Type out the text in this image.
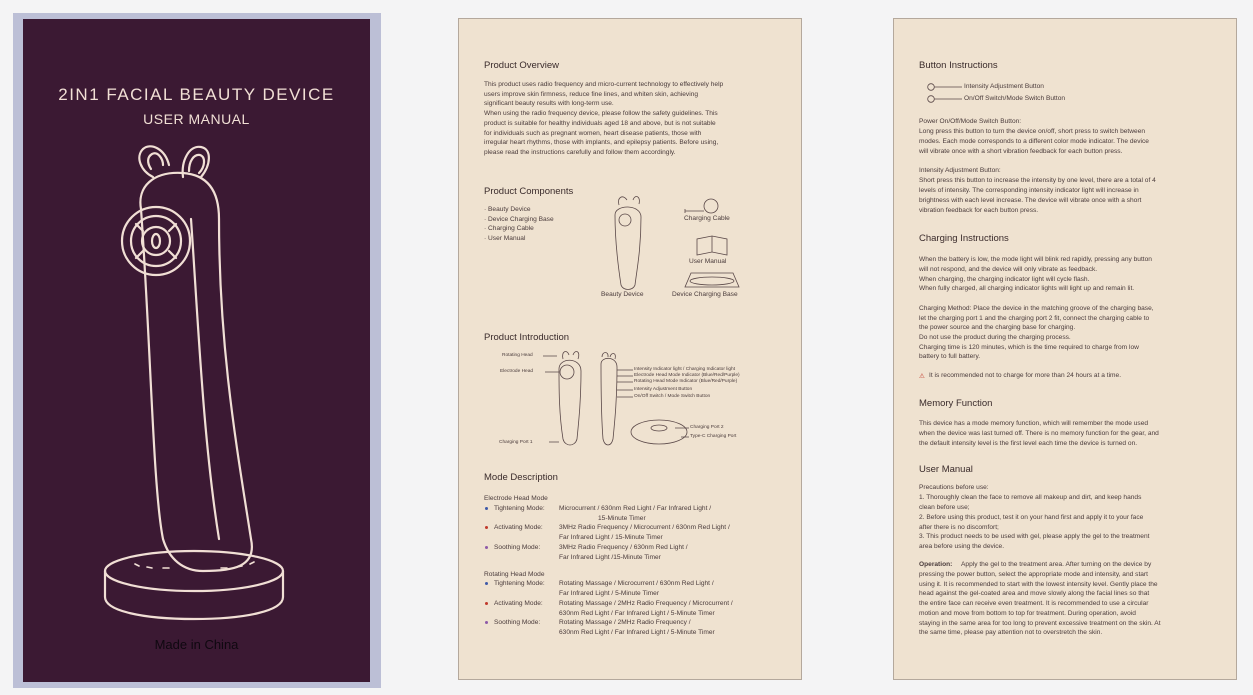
2IN1 FACIAL BEAUTY DEVICE
USER MANUAL
Made in China
Product Overview
This product uses radio frequency and micro-current technology to effectively help
users improve skin firmness, reduce fine lines, and whiten skin, achieving
significant beauty results with long-term use.
When using the radio frequency device, please follow the safety guidelines. This
product is suitable for healthy individuals aged 18 and above, but is not suitable
for individuals such as pregnant women, heart disease patients, those with
irregular heart rhythms, those with implants, and epilepsy patients. Before using,
please read the instructions carefully and follow them accordingly.
Product Components
· Beauty Device
· Device Charging Base
· Charging Cable
· User Manual
Beauty Device
Charging Cable
User Manual
Device Charging Base
Product Introduction
Rotating Head
Electrode Head
Charging Port 1
Intensity Indicator light / Charging Indicator light
Electrode Head Mode Indicator (Blue/Red/Purple)
Rotating Head Mode Indicator (Blue/Red/Purple)
Intensity Adjustment Button
On/Off Switch / Mode Switch Button
Charging Port 2
Type-C Charging Port
Mode Description
Electrode Head Mode
Tightening Mode: Microcurrent / 630nm Red Light / Far Infrared Light /
15-Minute Timer
Activating Mode: 3MHz Radio Frequency / Microcurrent / 630nm Red Light /
Far Infrared Light / 15-Minute Timer
Soothing Mode:	3MHz Radio Frequency / 630nm Red Light /
Far Infrared Light /15-Minute Timer
Rotating Head Mode
Tightening Mode: Rotating Massage / Microcurrent / 630nm Red Light /
Far Infrared Light / 5-Minute Timer
Activating Mode: Rotating Massage / 2MHz Radio Frequency / Microcurrent /
630nm Red Light / Far Infrared Light / 5-Minute Timer
Soothing Mode:	Rotating Massage / 2MHz Radio Frequency /
630nm Red Light / Far Infrared Light / 5-Minute Timer
Button Instructions
Intensity Adjustment Button
On/Off Switch/Mode Switch Button
Power On/Off/Mode Switch Button:
Long press this button to turn the device on/off, short press to switch between
modes. Each mode corresponds to a different color mode indicator. The device
will vibrate once with a short vibration feedback for each button press.
Intensity Adjustment Button:
Short press this button to increase the intensity by one level, there are a total of 4
levels of intensity. The corresponding intensity indicator light will increase in
brightness with each level increase. The device will vibrate once with a short
vibration feedback for each button press.
Charging Instructions
When the battery is low, the mode light will blink red rapidly, pressing any button
will not respond, and the device will only vibrate as feedback.
When charging, the charging indicator light will cycle flash.
When fully charged, all charging indicator lights will light up and remain lit.
Charging Method: Place the device in the matching groove of the charging base,
let the charging port 1 and the charging port 2 fit, connect the charging cable to
the power source and the charging base for charging.
Do not use the product during the charging process.
Charging time is 120 minutes, which is the time required to charge from low
battery to full battery.
⚠ It is recommended not to charge for more than 24 hours at a time.
Memory Function
This device has a mode memory function, which will remember the mode used
when the device was last turned off. There is no memory function for the gear, and
the default intensity level is the first level each time the device is turned on.
User Manual
Precautions before use:
1. Thoroughly clean the face to remove all makeup and dirt, and keep hands
clean before use;
2. Before using this product, test it on your hand first and apply it to your face
after there is no discomfort;
3. This product needs to be used with gel, please apply the gel to the treatment
area before using the device.
Operation: Apply the gel to the treatment area. After turning on the device by
pressing the power button, select the appropriate mode and intensity, and start
using it. It is recommended to start with the lowest intensity level. Gently place the
head against the gel-coated area and move slowly along the facial lines so that
the entire face can receive even treatment. It is recommended to use a circular
motion and move from bottom to top for treatment. During operation, avoid
staying in the same area for too long to prevent excessive treatment on the skin. At
the same time, please pay attention not to overstretch the skin.
